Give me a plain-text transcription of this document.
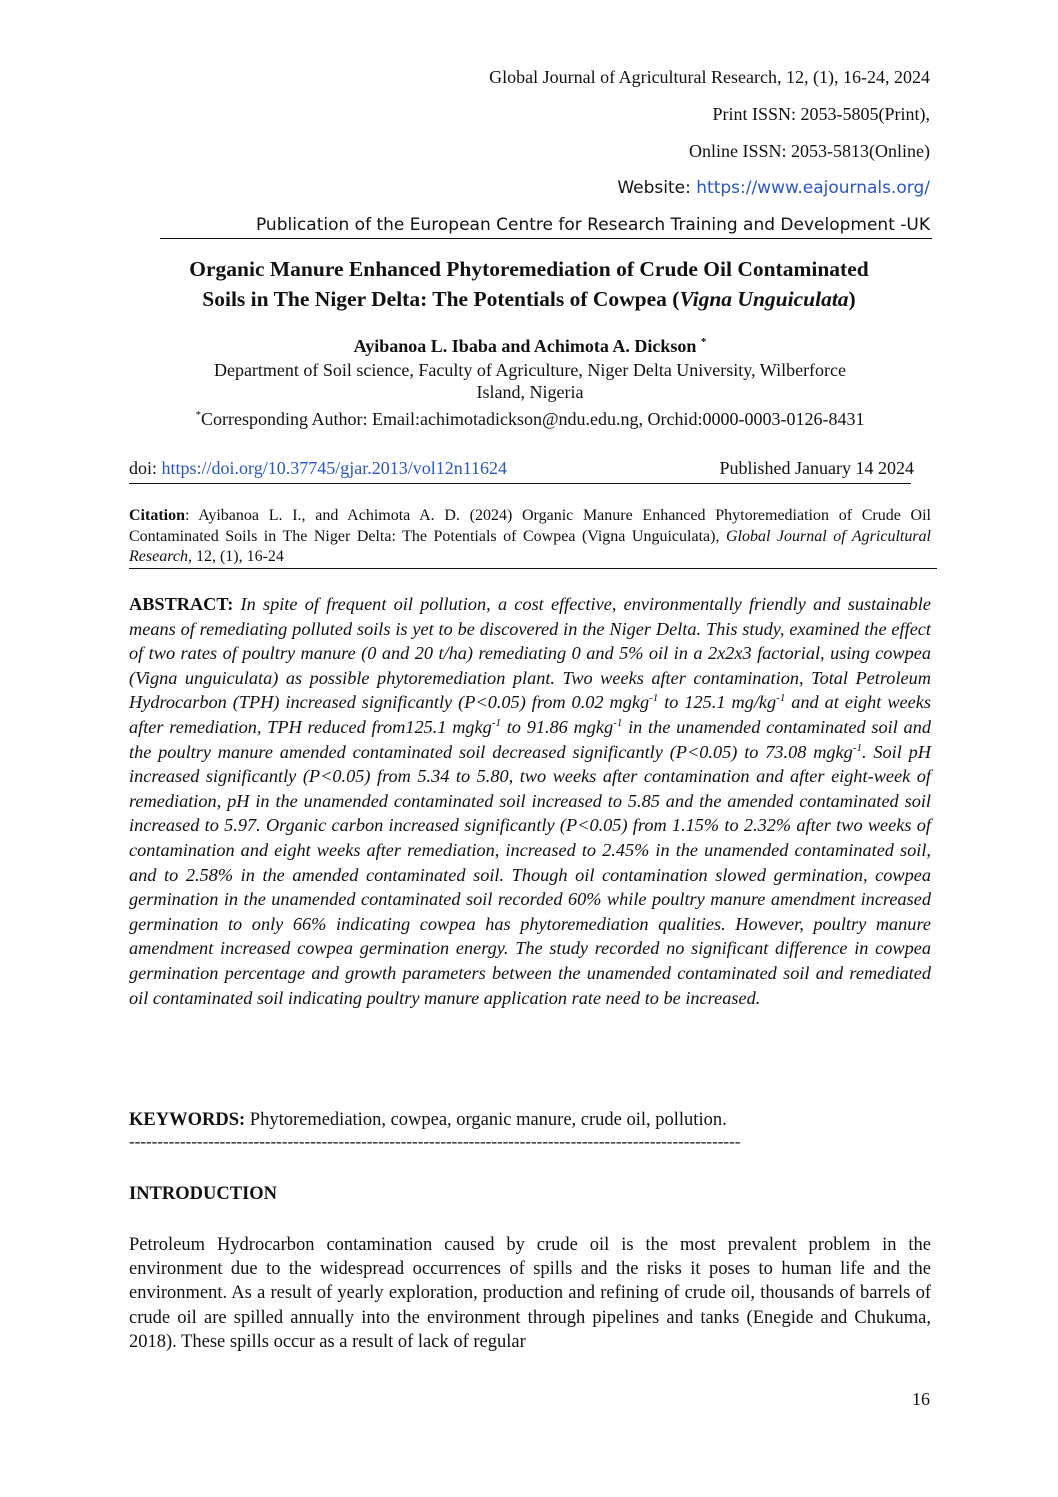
Global Journal of Agricultural Research, 12, (1), 16-24, 2024
Print ISSN: 2053-5805(Print),
Online ISSN: 2053-5813(Online)
Website: https://www.eajournals.org/
Publication of the European Centre for Research Training and Development -UK
Organic Manure Enhanced Phytoremediation of Crude Oil Contaminated
Soils in The Niger Delta: The Potentials of Cowpea (Vigna Unguiculata)
Ayibanoa L. Ibaba and Achimota A. Dickson *
Department of Soil science, Faculty of Agriculture, Niger Delta University, Wilberforce
Island, Nigeria
*Corresponding Author: Email:achimotadickson@ndu.edu.ng, Orchid:0000-0003-0126-8431
doi: https://doi.org/10.37745/gjar.2013/vol12n11624	Published January 14 2024
Citation: Ayibanoa L. I., and Achimota A. D. (2024) Organic Manure Enhanced Phytoremediation of Crude Oil Contaminated Soils in The Niger Delta: The Potentials of Cowpea (Vigna Unguiculata), Global Journal of Agricultural Research, 12, (1), 16-24
ABSTRACT: In spite of frequent oil pollution, a cost effective, environmentally friendly and sustainable means of remediating polluted soils is yet to be discovered in the Niger Delta. This study, examined the effect of two rates of poultry manure (0 and 20 t/ha) remediating 0 and 5% oil in a 2x2x3 factorial, using cowpea (Vigna unguiculata) as possible phytoremediation plant. Two weeks after contamination, Total Petroleum Hydrocarbon (TPH) increased significantly (P<0.05) from 0.02 mgkg$^{-1}$ to 125.1 $mg/kg^{-1}$ and at eight weeks after remediation, TPH reduced from125.1 mgkg$^{-1}$ to 91.86 mgkg$^{-1}$ in the unamended contaminated soil and the poultry manure amended contaminated soil decreased significantly (P<0.05) to 73.08 mgkg$^{-1}$. Soil pH increased significantly (P<0.05) from 5.34 to 5.80, two weeks after contamination and after eight-week of remediation, pH in the unamended contaminated soil increased to 5.85 and the amended contaminated soil increased to 5.97. Organic carbon increased significantly (P<0.05) from 1.15% to 2.32% after two weeks of contamination and eight weeks after remediation, increased to 2.45% in the unamended contaminated soil, and to 2.58% in the amended contaminated soil. Though oil contamination slowed germination, cowpea germination in the unamended contaminated soil recorded 60% while poultry manure amendment increased germination to only 66% indicating cowpea has phytoremediation qualities. However, poultry manure amendment increased cowpea germination energy. The study recorded no significant difference in cowpea germination percentage and growth parameters between the unamended contaminated soil and remediated oil contaminated soil indicating poultry manure application rate need to be increased.
KEYWORDS: Phytoremediation, cowpea, organic manure, crude oil, pollution.
------------------------------------------------------------------------------------------------------------
INTRODUCTION
Petroleum Hydrocarbon contamination caused by crude oil is the most prevalent problem in the environment due to the widespread occurrences of spills and the risks it poses to human life and the environment. As a result of yearly exploration, production and refining of crude oil, thousands of barrels of crude oil are spilled annually into the environment through pipelines and tanks (Enegide and Chukuma, 2018). These spills occur as a result of lack of regular
16
